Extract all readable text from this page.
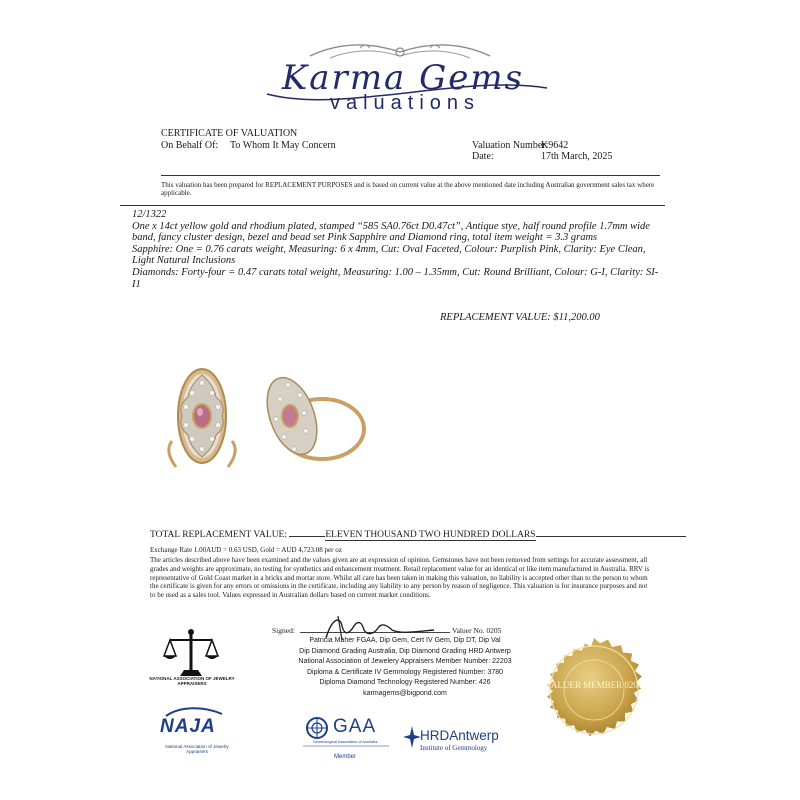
Karma Gems
valuations
CERTIFICATE OF VALUATION
On Behalf Of: To Whom It May Concern	Valuation Number:
K9642
Date:	17th March, 2025
This valuation has been prepared for REPLACEMENT PURPOSES and is based on current value at the above mentioned date including Australian government sales tax where applicable.

12/1322

One x 14ct yellow gold and rhodium plated, stamped “585 SA0.76ct D0.47ct”, Antique stye, half round profile 1.7mm wide band, fancy cluster design, bezel and bead set Pink Sapphire and Diamond ring, total item weight = 3.3 grams

Sapphire: One = 0.76 carats weight, Measuring: 6 x 4mm, Cut: Oval Faceted, Colour: Purplish Pink, Clarity: Eye Clean, Light Natural Inclusions

Diamonds: Forty-four = 0.47 carats total weight, Measuring: 1.00 – 1.35mm, Cut: Round Brilliant, Colour: G-I, Clarity: SI-I1

REPLACEMENT VALUE: $11,200.00
TOTAL REPLACEMENT VALUE:	ELEVEN THOUSAND TWO HUNDRED DOLLARS
Exchange Rate 1.00AUD = 0.63 USD, Gold = AUD 4,723.08 per oz
The articles described above have been examined and the values given are an expression of opinion. Gemstones have not been removed from settings for accurate assessment, all grades and weights are approximate, no testing for synthetics and enhancement treatment. Retail replacement value for an identical or like item manufactured in Australia. RRV is representative of Gold Coast market in a bricks and mortar store. Whilst all care has been taken in making this valuation, no liability is accepted other than to the person to whom the certificate is given for any errors or omissions in the certificate, including any liability to any person by reason of negligence. This valuation is for insurance purposes and not to be used as a sales tool. Values expressed in Australian dollars based on current market conditions.
Signed:	Valuer No. 0205
Patricia Maher FGAA, Dip Gem, Cert IV Gem, Dip DT, Dip Val
Dip Diamond Grading Australia, Dip Diamond Grading HRD Antwerp
National Association of Jewelery Appraisers Member Number: 22203
Diploma & Certificate IV Gemmology Registered Number: 3780
Diploma Diamond Technology Registered Number: 426
karmagems@bigpond.com
NATIONAL ASSOCIATION OF JEWELRY APPRAISERS
NAJA
National Association of Jewelry Appraisers
GAA
Gemmological Association of Australia
Member
HRDAntwerp
Institute of Gemmology
VALUER MEMBER 0205
